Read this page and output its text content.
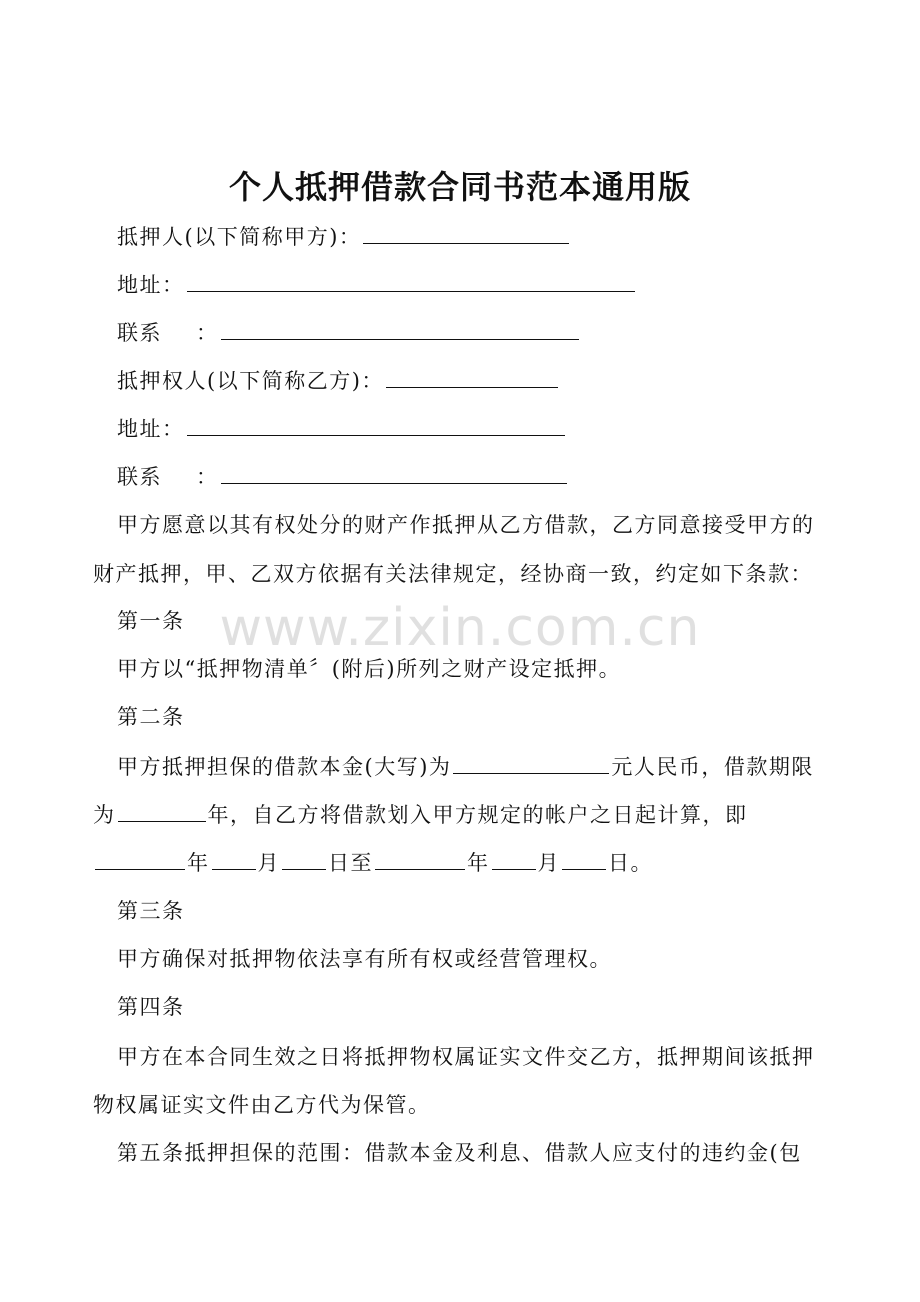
www.zixin.com.cn
个人抵押借款合同书范本通用版
抵押人(以下简称甲方)：
地址：
联系 ：
抵押权人(以下简称乙方)：
地址：
联系 ：
甲方愿意以其有权处分的财产作抵押从乙方借款，乙方同意接受甲方的
财产抵押，甲、乙双方依据有关法律规定，经协商一致，约定如下条款：
第一条
甲方以“抵押物清单〞(附后)所列之财产设定抵押。
第二条
甲方抵押担保的借款本金(大写)为	元人民币，借款期限
为	年，自乙方将借款划入甲方规定的帐户之日起计算，即
年 月 日至	年 月 日。
第三条
甲方确保对抵押物依法享有所有权或经营管理权。
第四条
甲方在本合同生效之日将抵押物权属证实文件交乙方，抵押期间该抵押
物权属证实文件由乙方代为保管。
第五条抵押担保的范围：借款本金及利息、借款人应支付的违约金(包
